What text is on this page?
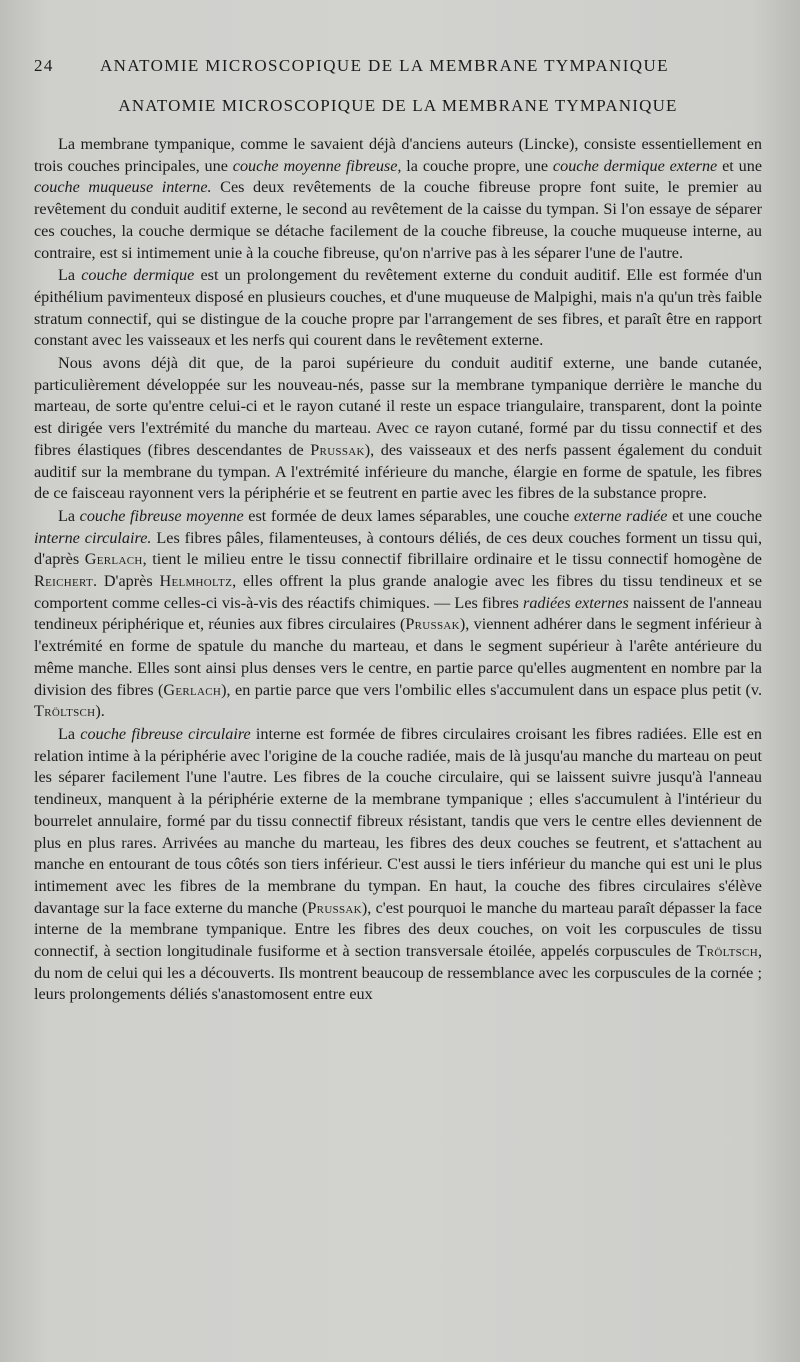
24	ANATOMIE MICROSCOPIQUE DE LA MEMBRANE TYMPANIQUE
ANATOMIE MICROSCOPIQUE DE LA MEMBRANE TYMPANIQUE

La membrane tympanique, comme le savaient déjà d'anciens auteurs (Lincke), consiste essentiellement en trois couches principales, une couche moyenne fibreuse, la couche propre, une couche dermique externe et une couche muqueuse interne. Ces deux revêtements de la couche fibreuse propre font suite, le premier au revêtement du conduit auditif externe, le second au revêtement de la caisse du tympan. Si l'on essaye de séparer ces couches, la couche dermique se détache facilement de la couche fibreuse, la couche muqueuse interne, au contraire, est si intimement unie à la couche fibreuse, qu'on n'arrive pas à les séparer l'une de l'autre.

La couche dermique est un prolongement du revêtement externe du conduit auditif. Elle est formée d'un épithélium pavimenteux disposé en plusieurs couches, et d'une muqueuse de Malpighi, mais n'a qu'un très faible stratum connectif, qui se distingue de la couche propre par l'arrangement de ses fibres, et paraît être en rapport constant avec les vaisseaux et les nerfs qui courent dans le revêtement externe.

Nous avons déjà dit que, de la paroi supérieure du conduit auditif externe, une bande cutanée, particulièrement développée sur les nouveau-nés, passe sur la membrane tympanique derrière le manche du marteau, de sorte qu'entre celui-ci et le rayon cutané il reste un espace triangulaire, transparent, dont la pointe est dirigée vers l'extrémité du manche du marteau. Avec ce rayon cutané, formé par du tissu connectif et des fibres élastiques (fibres descendantes de Prussak), des vaisseaux et des nerfs passent également du conduit auditif sur la membrane du tympan. A l'extrémité inférieure du manche, élargie en forme de spatule, les fibres de ce faisceau rayonnent vers la périphérie et se feutrent en partie avec les fibres de la substance propre.

La couche fibreuse moyenne est formée de deux lames séparables, une couche externe radiée et une couche interne circulaire. Les fibres pâles, filamenteuses, à contours déliés, de ces deux couches forment un tissu qui, d'après Gerlach, tient le milieu entre le tissu connectif fibrillaire ordinaire et le tissu connectif homogène de Reichert. D'après Helmholtz, elles offrent la plus grande analogie avec les fibres du tissu tendineux et se comportent comme celles-ci vis-à-vis des réactifs chimiques. — Les fibres radiées externes naissent de l'anneau tendineux périphérique et, réunies aux fibres circulaires (Prussak), viennent adhérer dans le segment inférieur à l'extrémité en forme de spatule du manche du marteau, et dans le segment supérieur à l'arête antérieure du même manche. Elles sont ainsi plus denses vers le centre, en partie parce qu'elles augmentent en nombre par la division des fibres (Gerlach), en partie parce que vers l'ombilic elles s'accumulent dans un espace plus petit (v. Tröltsch).

La couche fibreuse circulaire interne est formée de fibres circulaires croisant les fibres radiées. Elle est en relation intime à la périphérie avec l'origine de la couche radiée, mais de là jusqu'au manche du marteau on peut les séparer facilement l'une l'autre. Les fibres de la couche circulaire, qui se laissent suivre jusqu'à l'anneau tendineux, manquent à la périphérie externe de la membrane tympanique ; elles s'accumulent à l'intérieur du bourrelet annulaire, formé par du tissu connectif fibreux résistant, tandis que vers le centre elles deviennent de plus en plus rares. Arrivées au manche du marteau, les fibres des deux couches se feutrent, et s'attachent au manche en entourant de tous côtés son tiers inférieur. C'est aussi le tiers inférieur du manche qui est uni le plus intimement avec les fibres de la membrane du tympan. En haut, la couche des fibres circulaires s'élève davantage sur la face externe du manche (Prussak), c'est pourquoi le manche du marteau paraît dépasser la face interne de la membrane tympanique. Entre les fibres des deux couches, on voit les corpuscules de tissu connectif, à section longitudinale fusiforme et à section transversale étoilée, appelés corpuscules de Tröltsch, du nom de celui qui les a découverts. Ils montrent beaucoup de ressemblance avec les corpuscules de la cornée ; leurs prolongements déliés s'anastomosent entre eux
